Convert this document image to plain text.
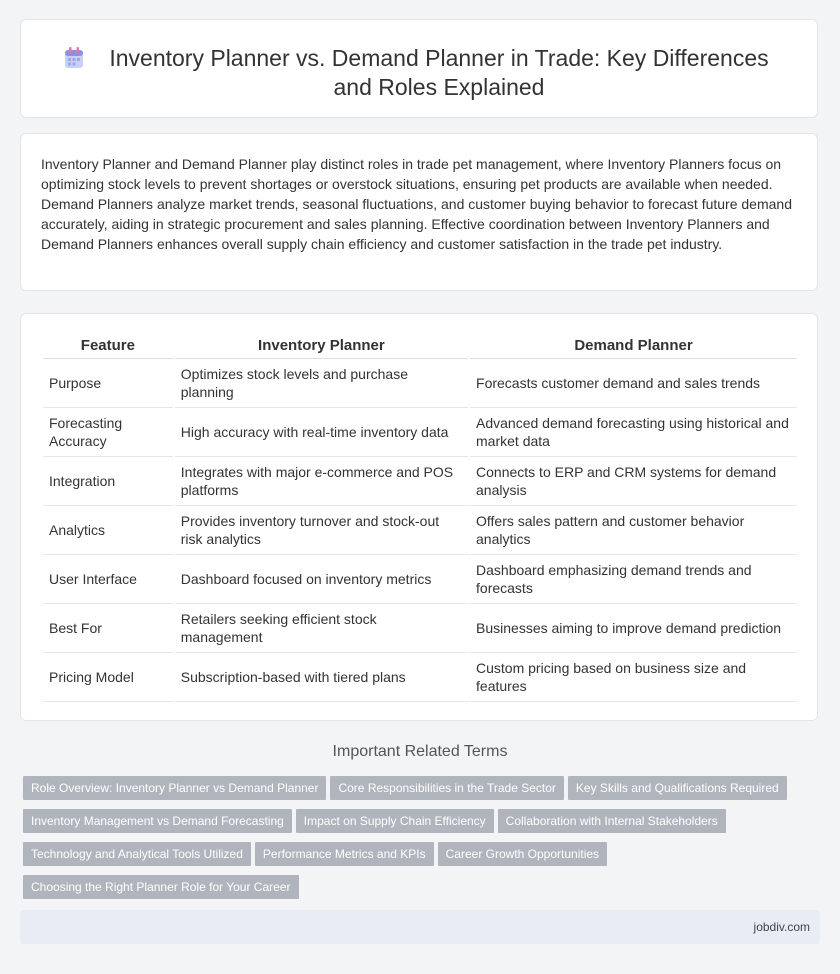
Inventory Planner vs. Demand Planner in Trade: Key Differences and Roles Explained

Inventory Planner and Demand Planner play distinct roles in trade pet management, where Inventory Planners focus on optimizing stock levels to prevent shortages or overstock situations, ensuring pet products are available when needed. Demand Planners analyze market trends, seasonal fluctuations, and customer buying behavior to forecast future demand accurately, aiding in strategic procurement and sales planning. Effective coordination between Inventory Planners and Demand Planners enhances overall supply chain efficiency and customer satisfaction in the trade pet industry.

Feature	Inventory Planner	Demand Planner
Purpose	Optimizes stock levels and purchase planning	Forecasts customer demand and sales trends
Forecasting Accuracy	High accuracy with real-time inventory data	Advanced demand forecasting using historical and market data
Integration	Integrates with major e-commerce and POS platforms	Connects to ERP and CRM systems for demand analysis
Analytics	Provides inventory turnover and stock-out risk analytics	Offers sales pattern and customer behavior analytics
User Interface	Dashboard focused on inventory metrics	Dashboard emphasizing demand trends and forecasts
Best For	Retailers seeking efficient stock management	Businesses aiming to improve demand prediction
Pricing Model	Subscription-based with tiered plans	Custom pricing based on business size and features
Important Related Terms
Role Overview: Inventory Planner vs Demand Planner Core Responsibilities in the Trade Sector Key Skills and Qualifications Required
Inventory Management vs Demand Forecasting Impact on Supply Chain Efficiency Collaboration with Internal Stakeholders
Technology and Analytical Tools Utilized Performance Metrics and KPIs Career Growth Opportunities
Choosing the Right Planner Role for Your Career
jobdiv.com
